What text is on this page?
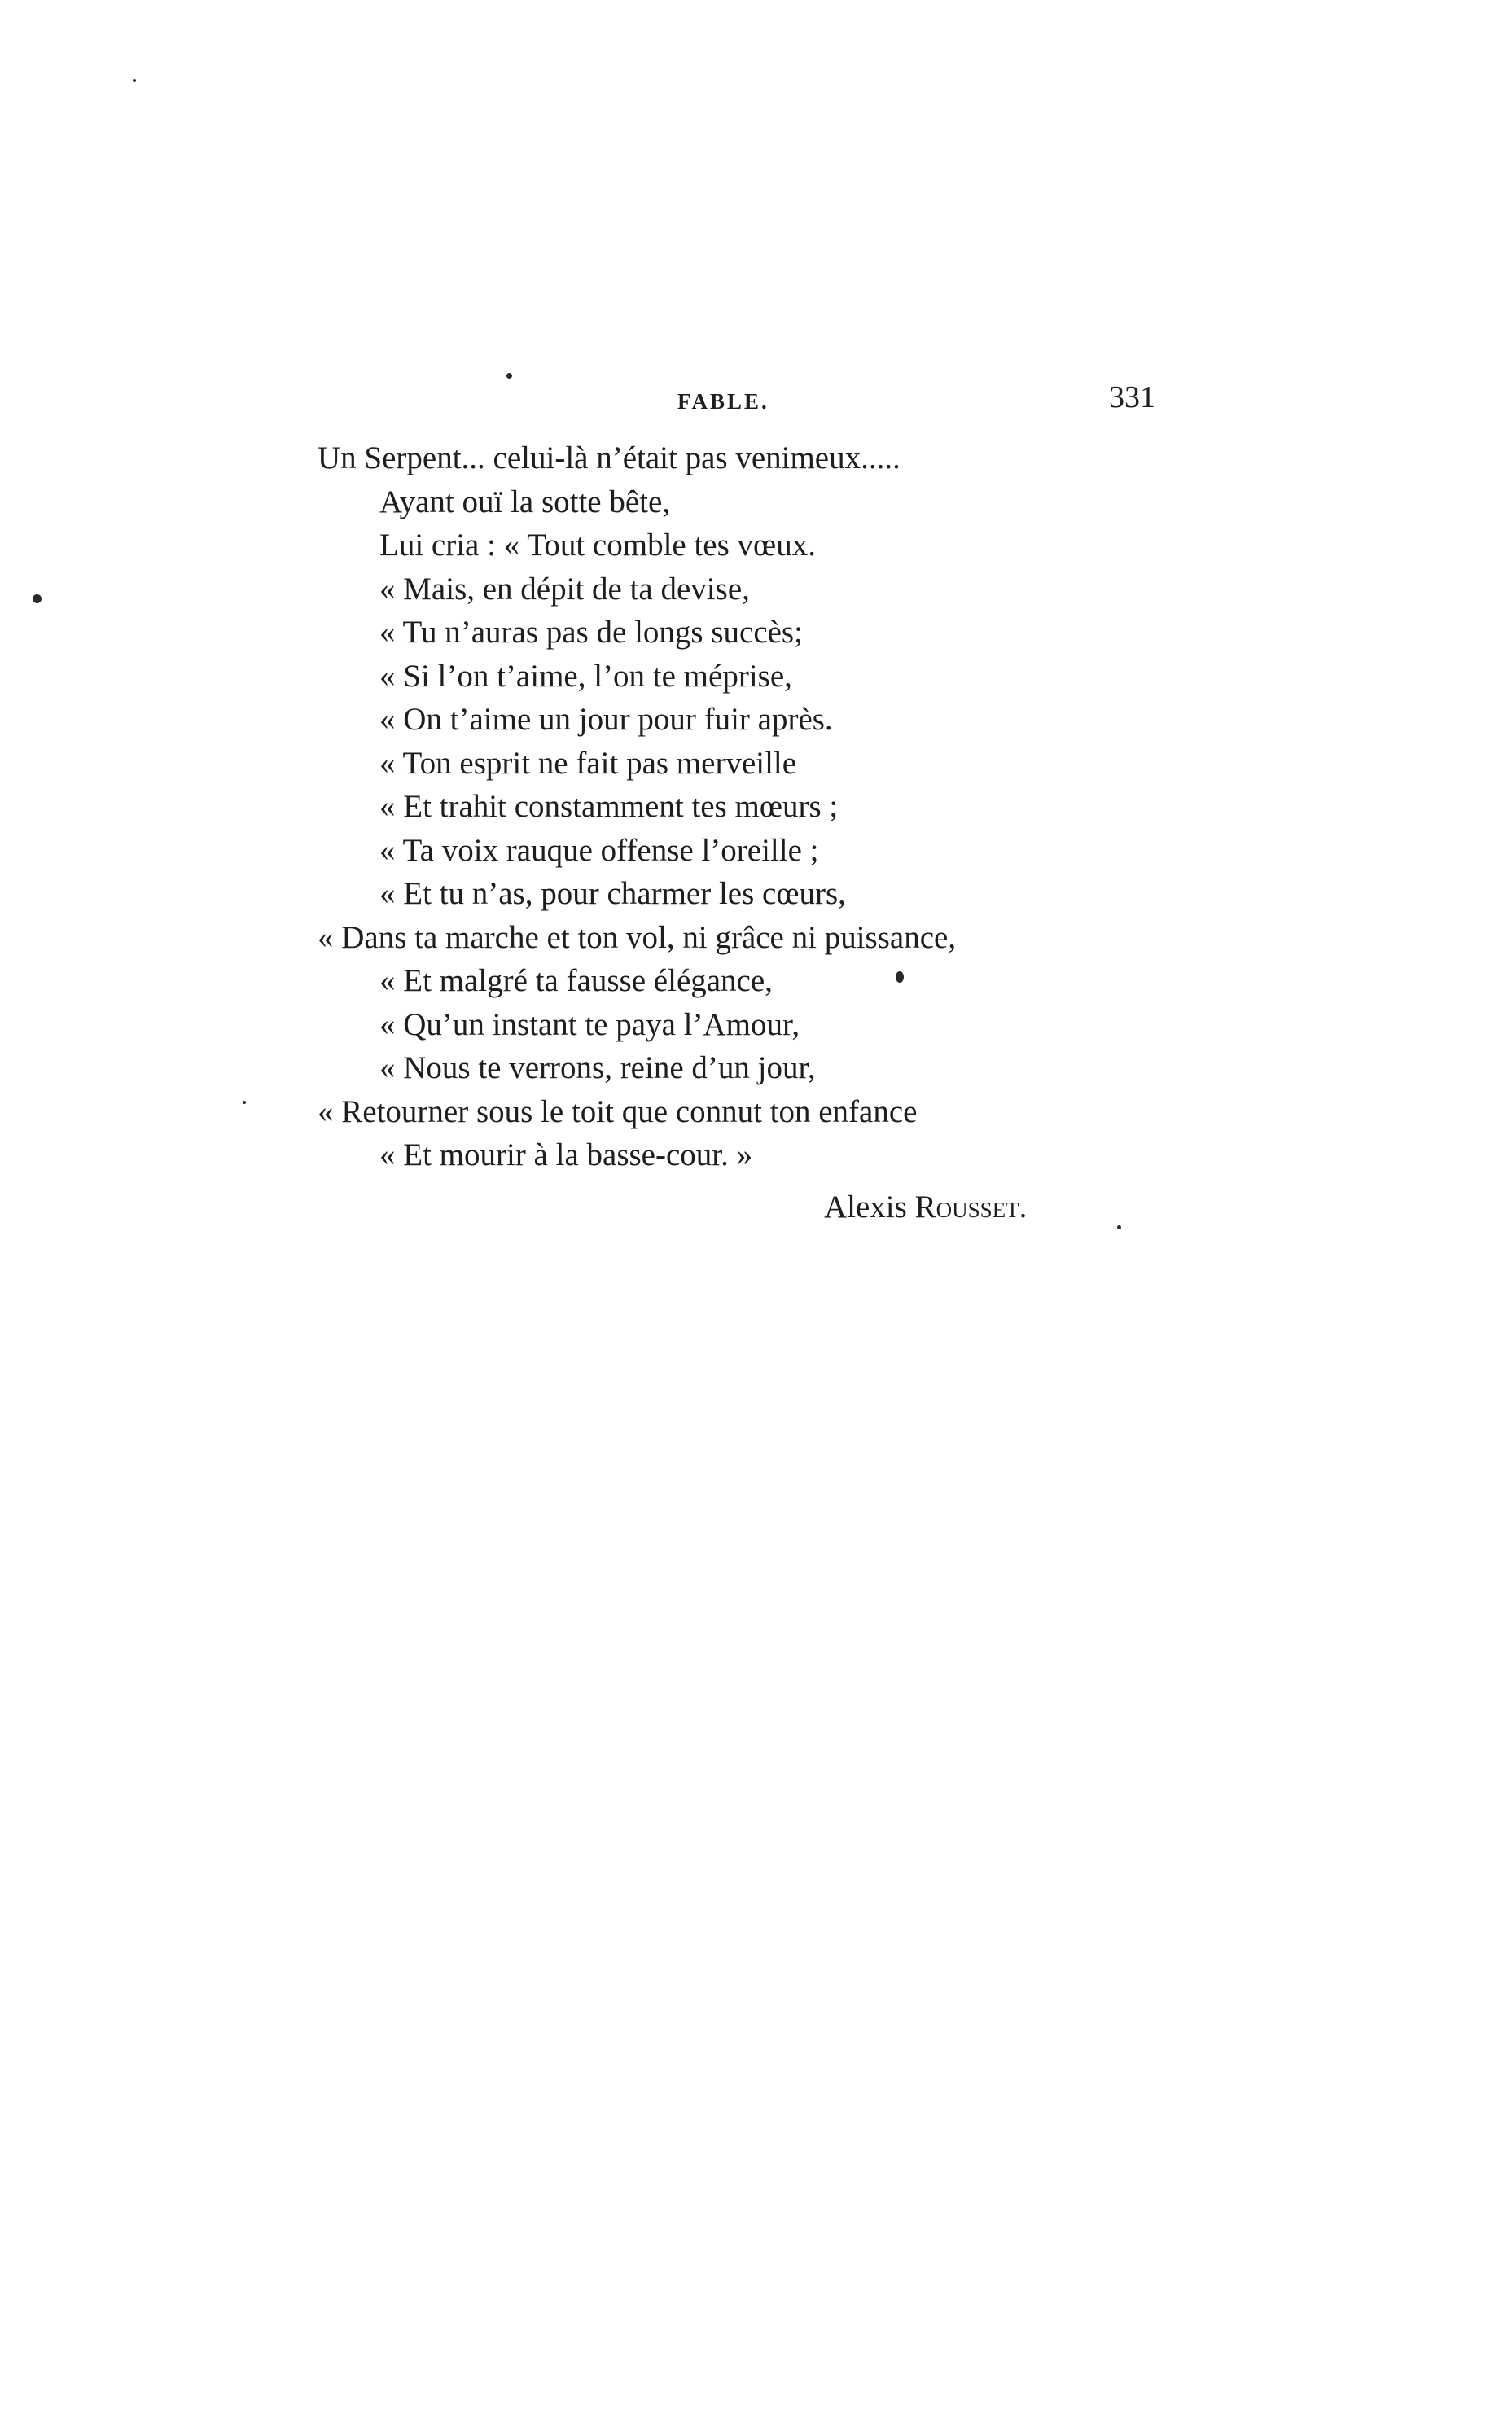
FABLE.	331
Un Serpent... celui-là n’était pas venimeux.....
Ayant ouï la sotte bête,
Lui cria : « Tout comble tes vœux.
« Mais, en dépit de ta devise,
« Tu n’auras pas de longs succès;
« Si l’on t’aime, l’on te méprise,
« On t’aime un jour pour fuir après.
« Ton esprit ne fait pas merveille
« Et trahit constamment tes mœurs ;
« Ta voix rauque offense l’oreille ;
« Et tu n’as, pour charmer les cœurs,
« Dans ta marche et ton vol, ni grâce ni puissance,
« Et malgré ta fausse élégance,
« Qu’un instant te paya l’Amour,
« Nous te verrons, reine d’un jour,
« Retourner sous le toit que connut ton enfance
« Et mourir à la basse-cour. »
Alexis Rousset.
